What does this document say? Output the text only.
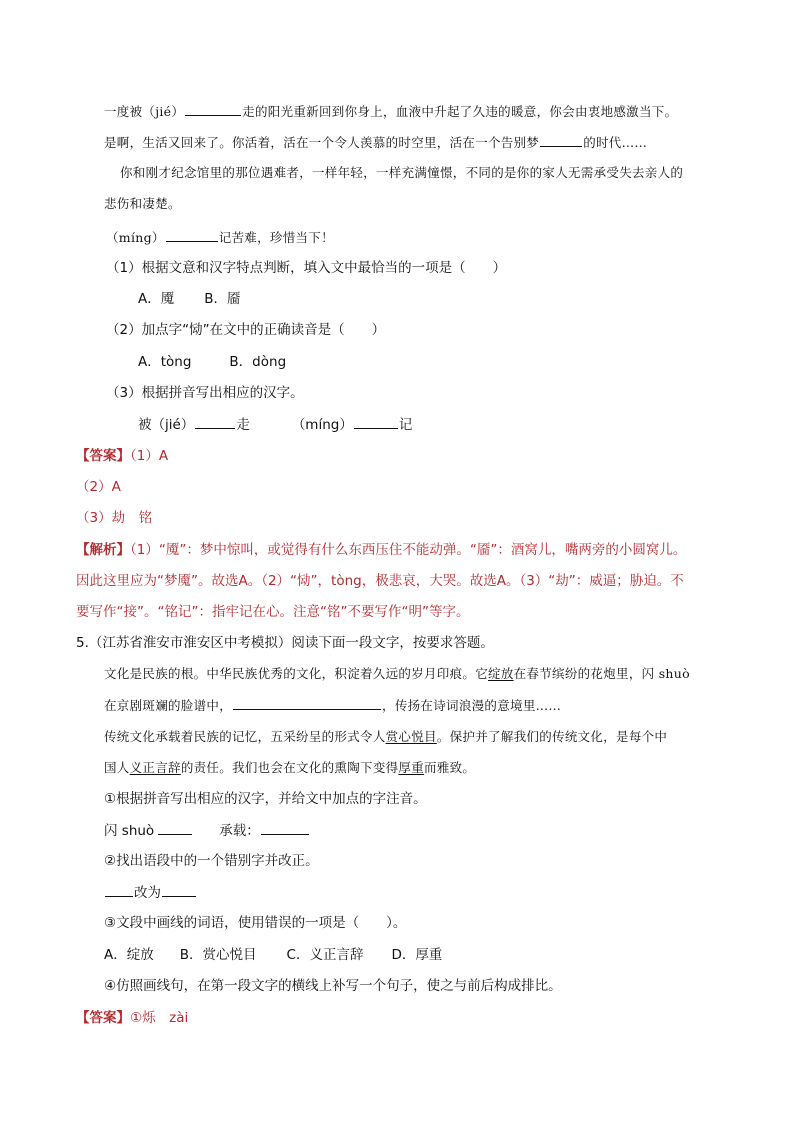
一度被（jié）	走的阳光重新回到你身上，血液中升起了久违的暖意，你会由衷地感激当下。
是啊，生活又回来了。你活着，活在一个令人羡慕的时空里，活在一个告别梦	的时代……
你和刚才纪念馆里的那位遇难者，一样年轻，一样充满憧憬，不同的是你的家人无需承受失去亲人的
悲伤和凄楚。
（míng）	记苦难，珍惜当下！
（1）根据文意和汉字特点判断，填入文中最恰当的一项是（　　）
A．魇 B．靥
（2）加点字“恸”在文中的正确读音是（　　）
A．tòng	B．dòng
（3）根据拼音写出相应的汉字。
被（jié）	走	（míng）	记
【答案】（1）A
（2）A
（3）劫　铭
【解析】（1）“魇”：梦中惊叫，或觉得有什么东西压住不能动弹。“靥”：酒窝儿，嘴两旁的小圆窝儿。
因此这里应为“梦魇”。故选A。（2）“恸”，tòng，极悲哀，大哭。故选A。（3）“劫”：威逼；胁迫。不
要写作“接”。“铭记”：指牢记在心。注意“铭”不要写作“明”等字。
5.（江苏省淮安市淮安区中考模拟）阅读下面一段文字，按要求答题。
文化是民族的根。中华民族优秀的文化，积淀着久远的岁月印痕。它绽放在春节缤纷的花炮里，闪 shuò
在京剧斑斓的脸谱中，	，传扬在诗词浪漫的意境里……
传统文化承载着民族的记忆，五采纷呈的形式令人赏心悦目。保护并了解我们的传统文化，是每个中
国人义正言辞的责任。我们也会在文化的熏陶下变得厚重而雅致。
①根据拼音写出相应的汉字，并给文中加点的字注音。
闪 shuò	承载：
②找出语段中的一个错别字并改正。
改为
③文段中画线的词语，使用错误的一项是（　　）。
A．绽放 B．赏心悦目 C．义正言辞 D．厚重
④仿照画线句，在第一段文字的横线上补写一个句子，使之与前后构成排比。
【答案】①烁　zài
